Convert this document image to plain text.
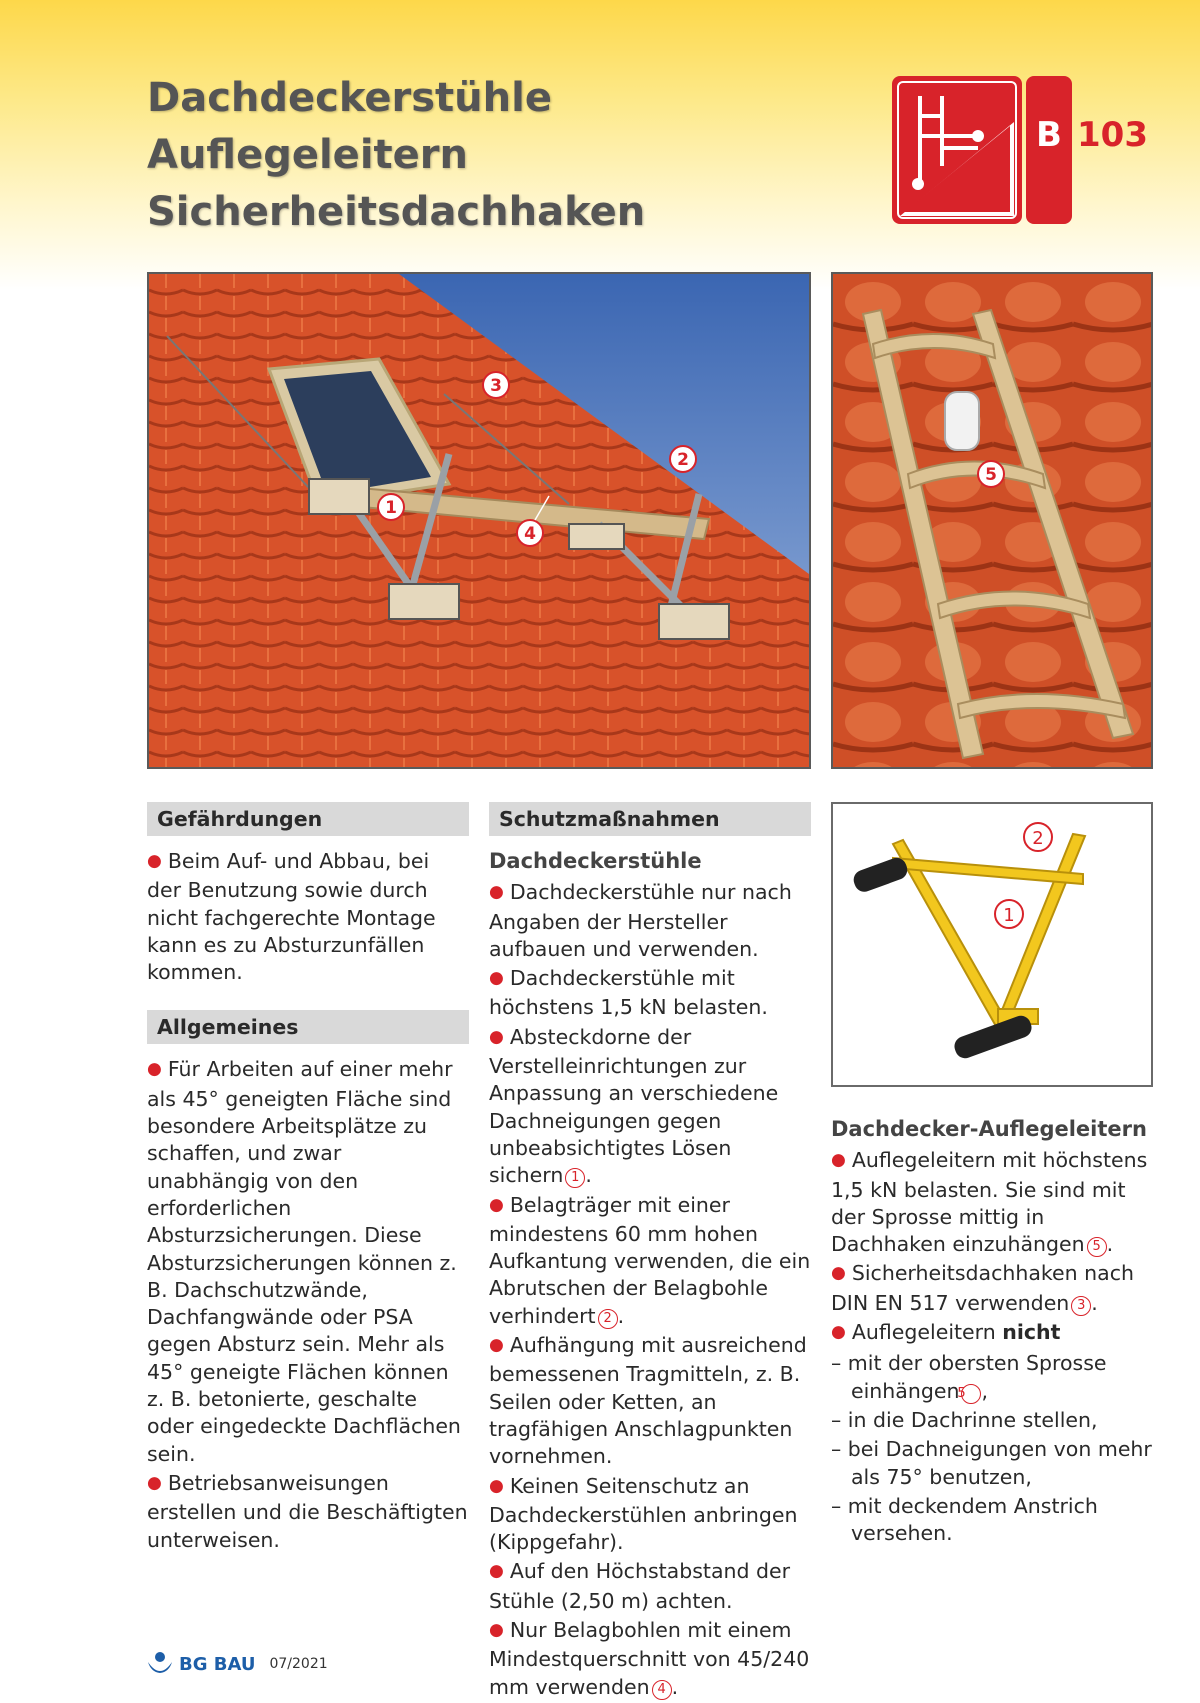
Dachdeckerstühle
Auflegeleitern
Sicherheitsdachhaken
B 103
1
2
3
4
5
2
1
Gefährdungen

● Beim Auf- und Abbau, bei der Benutzung sowie durch nicht fachgerechte Montage kann es zu Absturzunfällen kommen.

Allgemeines

● Für Arbeiten auf einer mehr als 45° geneigten Fläche sind besondere Arbeitsplätze zu schaffen, und zwar unabhängig von den erforderlichen Absturzsicherungen. Diese Absturzsicherungen können z. B. Dachschutzwände, Dachfangwände oder PSA gegen Absturz sein. Mehr als 45° geneigte Flächen können z. B. betonierte, geschalte oder eingedeckte Dachflächen sein.

● Betriebsanweisungen erstellen und die Beschäftigten unterweisen.

Schutzmaßnahmen
Dachdeckerstühle

● Dachdeckerstühle nur nach Angaben der Hersteller aufbauen und verwenden.

● Dachdeckerstühle mit höchstens 1,5 kN belasten.

● Absteckdorne der Verstelleinrichtungen zur Anpassung an verschiedene Dachneigungen gegen unbeabsichtigtes Lösen sichern 1 .

● Belagträger mit einer mindestens 60 mm hohen Aufkantung verwenden, die ein Abrutschen der Belagbohle verhindert 2 .

● Aufhängung mit ausreichend bemessenen Tragmitteln, z. B. Seilen oder Ketten, an tragfähigen Anschlagpunkten vornehmen.

● Keinen Seitenschutz an Dachdeckerstühlen anbringen (Kippgefahr).

● Auf den Höchstabstand der Stühle (2,50 m) achten.

● Nur Belagbohlen mit einem Mindestquerschnitt von 45/240 mm verwenden 4 .

Dachdecker-Auflegeleitern

● Auflegeleitern mit höchstens 1,5 kN belasten. Sie sind mit der Sprosse mittig in Dachhaken einzuhängen 5 .

● Sicherheitsdachhaken nach DIN EN 517 verwenden 3 .

● Auflegeleitern nicht

– mit der obersten Sprosse einhängen5 ,

– in die Dachrinne stellen,

– bei Dachneigungen von mehr als 75° benutzen,

– mit deckendem Anstrich versehen.

BG BAU 07/2021
